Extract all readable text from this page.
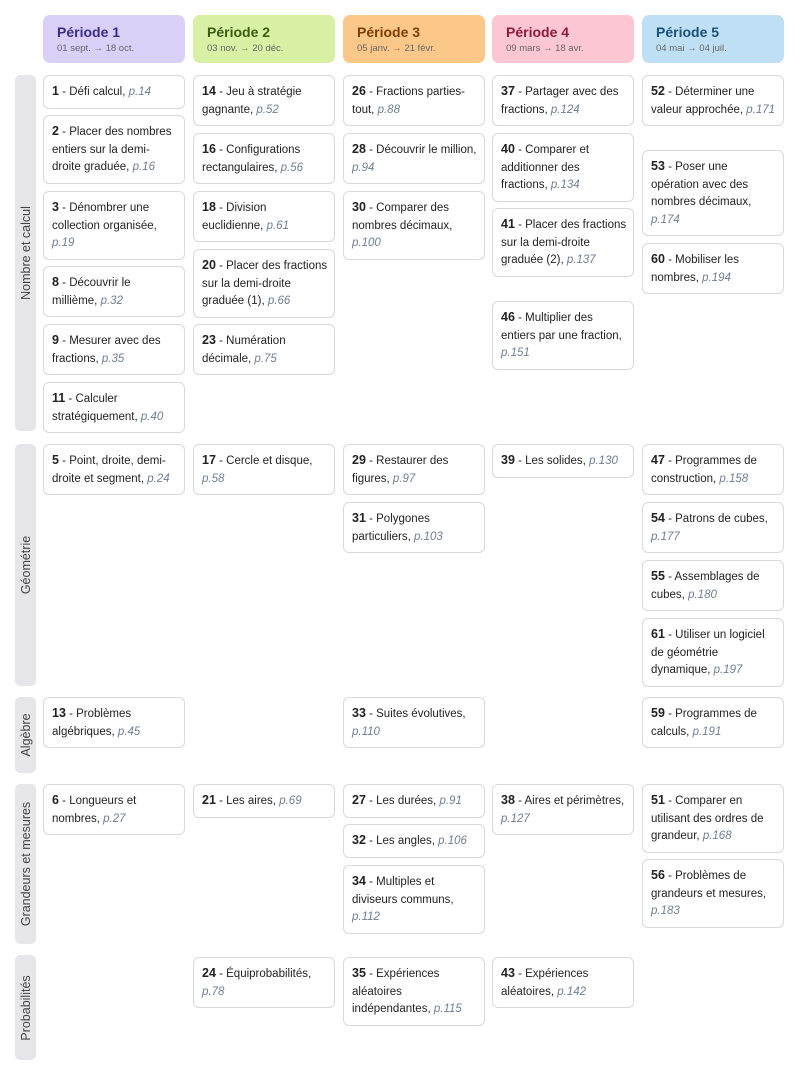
Période 1
01 sept. → 18 oct.
Période 2
03 nov. → 20 déc.
Période 3
05 janv. → 21 févr.
Période 4
09 mars → 18 avr.
Période 5
04 mai → 04 juil.
Nombre et calcul
Géométrie
Algèbre
Grandeurs et mesures
Probabilités
1 - Défi calcul, p.14
2 - Placer des nombres entiers sur la demi-droite graduée, p.16
3 - Dénombrer une collection organisée, p.19
8 - Découvrir le millième, p.32
9 - Mesurer avec des fractions, p.35
11 - Calculer stratégiquement, p.40
14 - Jeu à stratégie gagnante, p.52
16 - Configurations rectangulaires, p.56
18 - Division euclidienne, p.61
20 - Placer des fractions sur la demi-droite graduée (1), p.66
23 - Numération décimale, p.75
26 - Fractions parties-tout, p.88
28 - Découvrir le million, p.94
30 - Comparer des nombres décimaux, p.100
37 - Partager avec des fractions, p.124
40 - Comparer et additionner des fractions, p.134
41 - Placer des fractions sur la demi-droite graduée (2), p.137
46 - Multiplier des entiers par une fraction, p.151
52 - Déterminer une valeur approchée, p.171
53 - Poser une opération avec des nombres décimaux, p.174
60 - Mobiliser les nombres, p.194
5 - Point, droite, demi-droite et segment, p.24
17 - Cercle et disque, p.58
29 - Restaurer des figures, p.97
31 - Polygones particuliers, p.103
39 - Les solides, p.130	47 - Programmes de construction, p.158
54 - Patrons de cubes, p.177
55 - Assemblages de cubes, p.180
61 - Utiliser un logiciel de géométrie dynamique, p.197
13 - Problèmes algébriques, p.45
33 - Suites évolutives, p.110
59 - Programmes de calculs, p.191
6 - Longueurs et nombres, p.27
21 - Les aires, p.69	27 - Les durées, p.91
32 - Les angles, p.106
34 - Multiples et diviseurs communs, p.112
38 - Aires et périmètres, p.127
51 - Comparer en utilisant des ordres de grandeur, p.168
56 - Problèmes de grandeurs et mesures, p.183
24 - Équiprobabilités, p.78
35 - Expériences aléatoires indépendantes, p.115
43 - Expériences aléatoires, p.142
